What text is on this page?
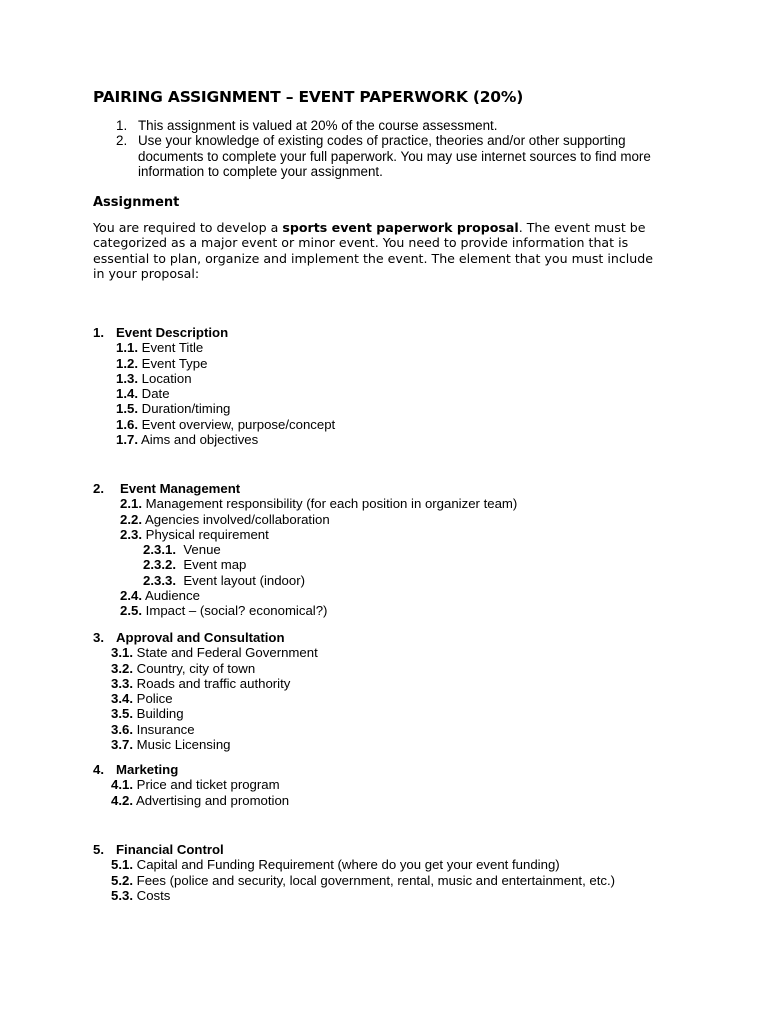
PAIRING ASSIGNMENT – EVENT PAPERWORK (20%)
1. This assignment is valued at 20% of the course assessment.
2. Use your knowledge of existing codes of practice, theories and/or other supporting documents to complete your full paperwork. You may use internet sources to find more information to complete your assignment.
Assignment
You are required to develop a sports event paperwork proposal. The event must be categorized as a major event or minor event. You need to provide information that is essential to plan, organize and implement the event. The element that you must include in your proposal:
1. Event Description
1.1. Event Title
1.2. Event Type
1.3. Location
1.4. Date
1.5. Duration/timing
1.6. Event overview, purpose/concept
1.7. Aims and objectives
2. Event Management
2.1. Management responsibility (for each position in organizer team)
2.2. Agencies involved/collaboration
2.3. Physical requirement
2.3.1. Venue
2.3.2. Event map
2.3.3. Event layout (indoor)
2.4. Audience
2.5. Impact – (social? economical?)
3. Approval and Consultation
3.1. State and Federal Government
3.2. Country, city of town
3.3. Roads and traffic authority
3.4. Police
3.5. Building
3.6. Insurance
3.7. Music Licensing
4. Marketing
4.1. Price and ticket program
4.2. Advertising and promotion
5. Financial Control
5.1. Capital and Funding Requirement (where do you get your event funding)
5.2. Fees (police and security, local government, rental, music and entertainment, etc.)
5.3. Costs
